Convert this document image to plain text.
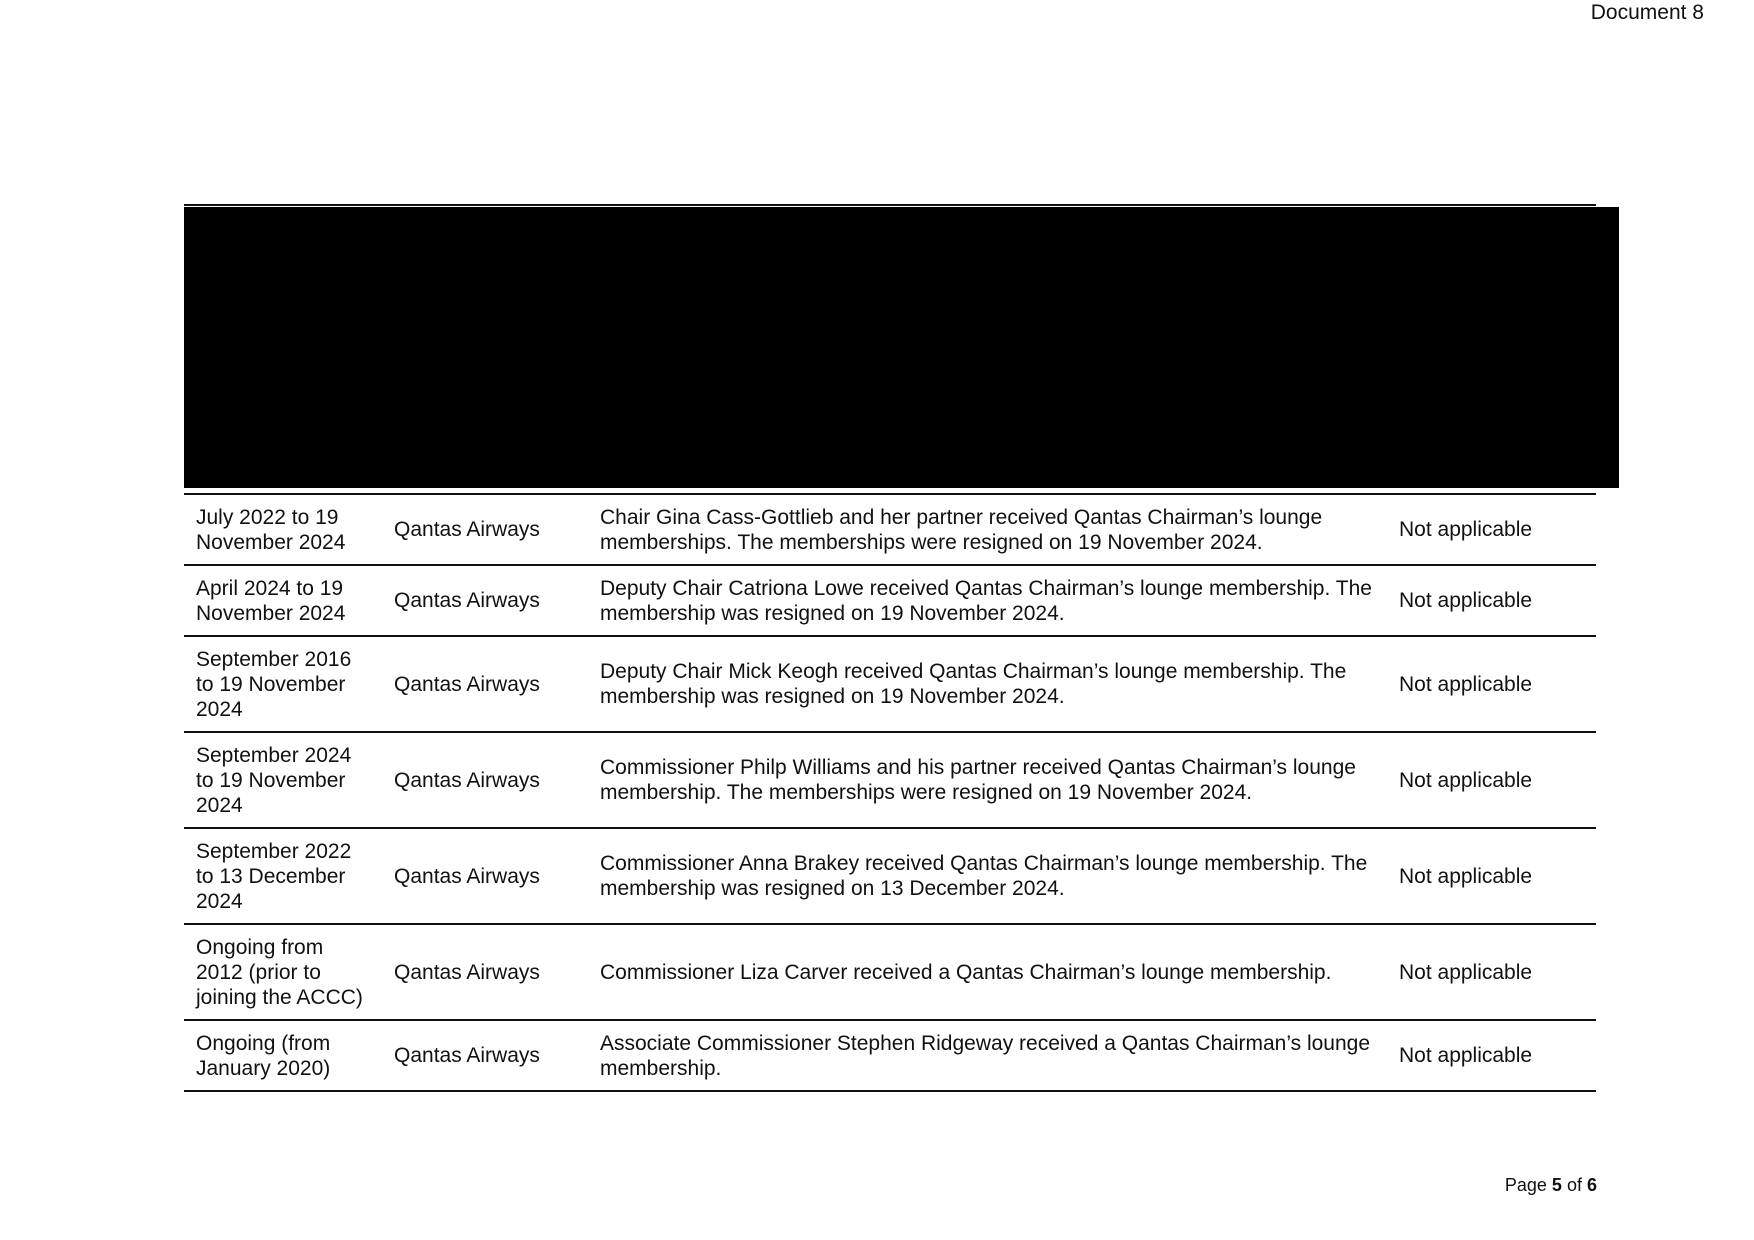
Document 8
July 2022 to 19 November 2024	Qantas Airways	Chair Gina Cass-Gottlieb and her partner received Qantas Chairman’s lounge memberships. The memberships were resigned on 19 November 2024.	Not applicable
April 2024 to 19 November 2024	Qantas Airways	Deputy Chair Catriona Lowe received Qantas Chairman’s lounge membership. The membership was resigned on 19 November 2024.	Not applicable
September 2016 to 19 November 2024	Qantas Airways	Deputy Chair Mick Keogh received Qantas Chairman’s lounge membership. The membership was resigned on 19 November 2024.	Not applicable
September 2024 to 19 November 2024	Qantas Airways	Commissioner Philp Williams and his partner received Qantas Chairman’s lounge membership. The memberships were resigned on 19 November 2024.	Not applicable
September 2022 to 13 December 2024	Qantas Airways	Commissioner Anna Brakey received Qantas Chairman’s lounge membership. The membership was resigned on 13 December 2024.	Not applicable
Ongoing from 2012 (prior to joining the ACCC)	Qantas Airways	Commissioner Liza Carver received a Qantas Chairman’s lounge membership.	Not applicable
Ongoing (from January 2020)	Qantas Airways	Associate Commissioner Stephen Ridgeway received a Qantas Chairman’s lounge membership.	Not applicable
Page 5 of 6
